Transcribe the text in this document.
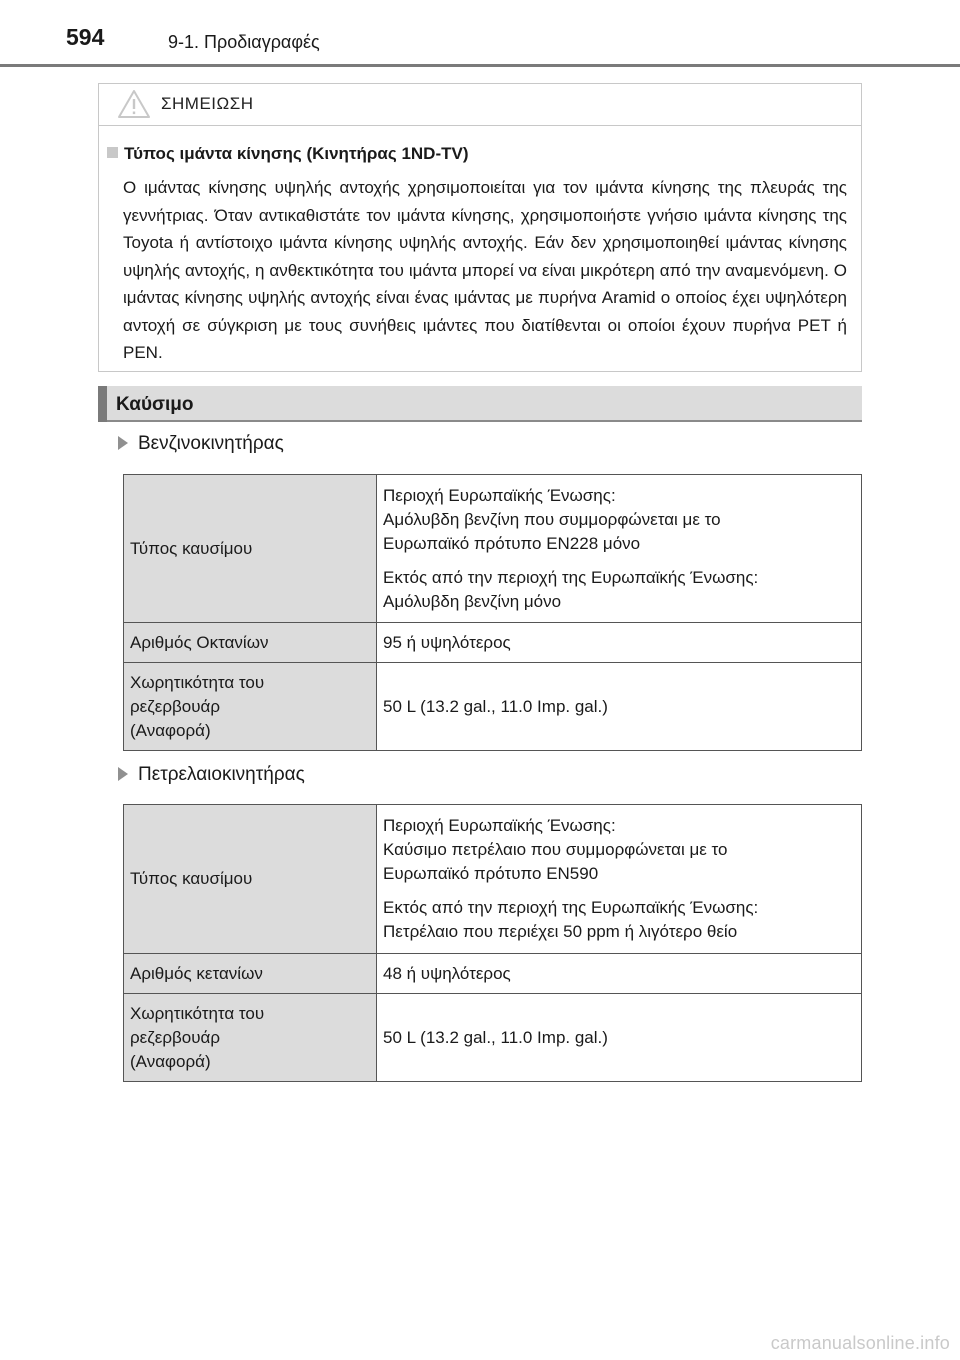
594	9-1. Προδιαγραφές
ΣΗΜΕΙΩΣΗ
Τύπος ιμάντα κίνησης (Κινητήρας 1ND-TV)
Ο ιμάντας κίνησης υψηλής αντοχής χρησιμοποιείται για τον ιμάντα κίνησης της πλευράς της γεννήτριας. Όταν αντικαθιστάτε τον ιμάντα κίνησης, χρησιμοποιήστε γνήσιο ιμάντα κίνησης της Toyota ή αντίστοιχο ιμάντα κίνησης υψηλής αντοχής. Εάν δεν χρησιμοποιηθεί ιμάντας κίνησης υψηλής αντοχής, η ανθεκτικότητα του ιμάντα μπορεί να είναι μικρότερη από την αναμενόμενη. Ο ιμάντας κίνησης υψηλής αντοχής είναι ένας ιμάντας με πυρήνα Aramid ο οποίος έχει υψηλότερη αντοχή σε σύγκριση με τους συνήθεις ιμάντες που διατίθενται οι οποίοι έχουν πυρήνα PET ή PEN.
Καύσιμο
Βενζινοκινητήρας
Τύπος καυσίμου	Περιοχή Ευρωπαϊκής Ένωσης:
Αμόλυβδη βενζίνη που συμμορφώνεται με το
Ευρωπαϊκό πρότυπο EN228 μόνο
Εκτός από την περιοχή της Ευρωπαϊκής Ένωσης:
Αμόλυβδη βενζίνη μόνο

Αριθμός Οκτανίων	95 ή υψηλότερος
Χωρητικότητα του
ρεζερβουάρ
(Αναφορά)	50 L (13.2 gal., 11.0 Imp. gal.)
Πετρελαιοκινητήρας
Τύπος καυσίμου	Περιοχή Ευρωπαϊκής Ένωσης:
Καύσιμο πετρέλαιο που συμμορφώνεται με το
Ευρωπαϊκό πρότυπο EN590
Εκτός από την περιοχή της Ευρωπαϊκής Ένωσης:
Πετρέλαιο που περιέχει 50 ppm ή λιγότερο θείο

Αριθμός κετανίων	48 ή υψηλότερος
Χωρητικότητα του
ρεζερβουάρ
(Αναφορά)	50 L (13.2 gal., 11.0 Imp. gal.)
carmanualsonline.info
